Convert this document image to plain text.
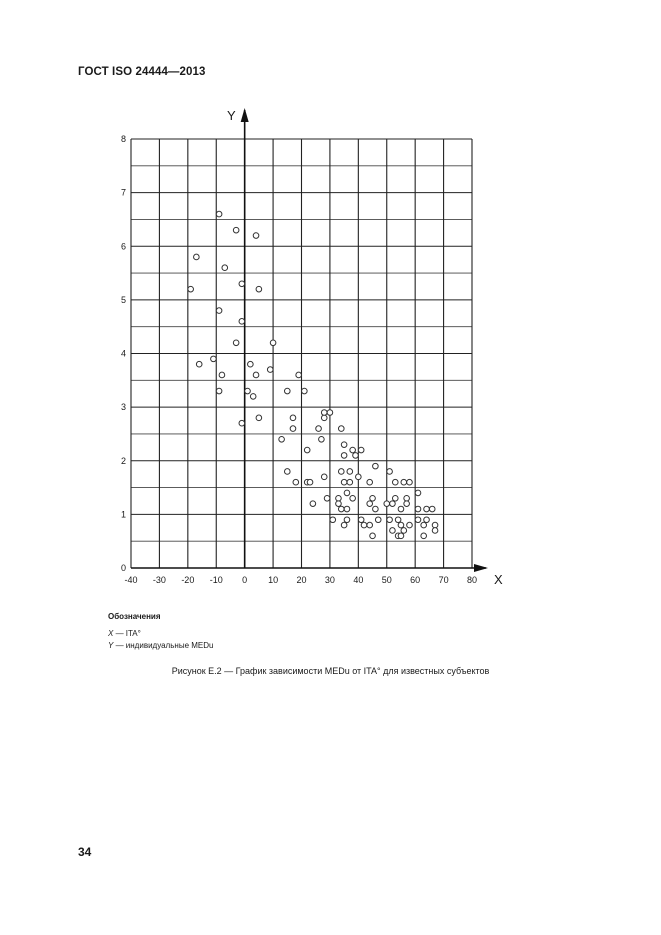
ГОСТ ISO 24444—2013
-40 -30 -20 -10 0 10 20 30 40 50 60 70 80
0
1
2
3
4
5
6
7
8
X
Y
Обозначения
X — ITA°
Y — индивидуальные MEDu
Рисунок Е.2 — График зависимости MEDu от ITA° для известных субъектов
34
